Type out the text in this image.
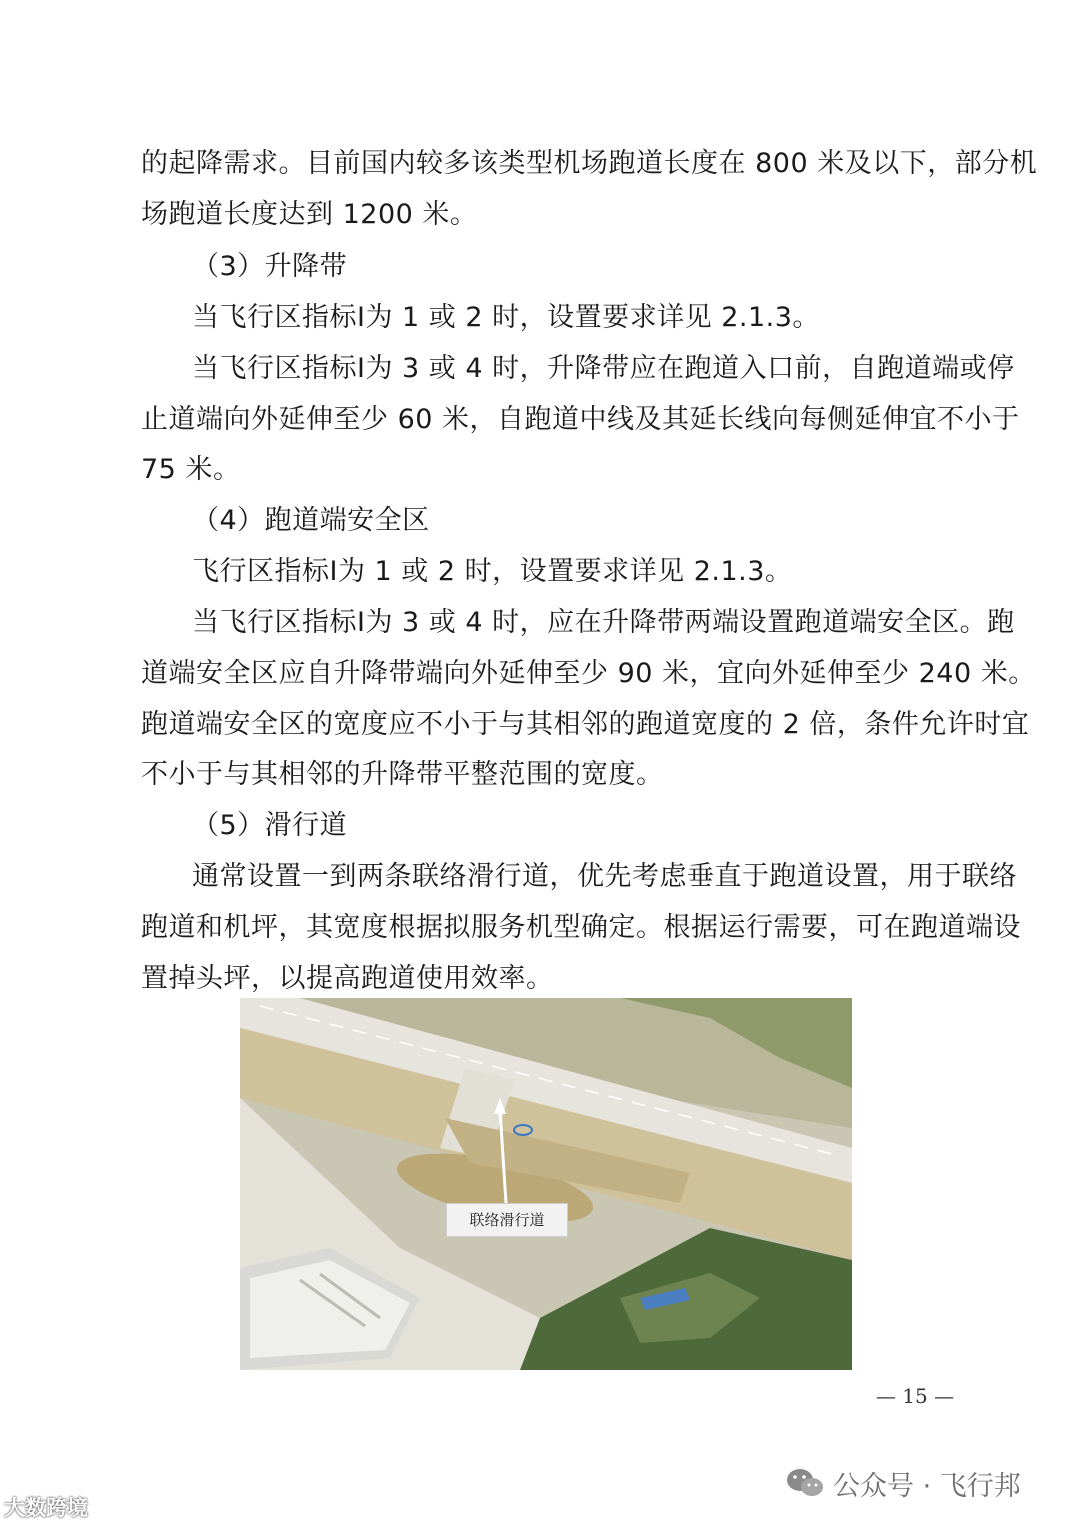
的起降需求。目前国内较多该类型机场跑道长度在 800 米及以下，部分机
场跑道长度达到 1200 米。
（3）升降带
当飞行区指标Ⅰ为 1 或 2 时，设置要求详见 2.1.3。
当飞行区指标Ⅰ为 3 或 4 时，升降带应在跑道入口前，自跑道端或停
止道端向外延伸至少 60 米，自跑道中线及其延长线向每侧延伸宜不小于
75 米。
（4）跑道端安全区
飞行区指标Ⅰ为 1 或 2 时，设置要求详见 2.1.3。
当飞行区指标Ⅰ为 3 或 4 时，应在升降带两端设置跑道端安全区。跑
道端安全区应自升降带端向外延伸至少 90 米，宜向外延伸至少 240 米。
跑道端安全区的宽度应不小于与其相邻的跑道宽度的 2 倍，条件允许时宜
不小于与其相邻的升降带平整范围的宽度。
（5）滑行道
通常设置一到两条联络滑行道，优先考虑垂直于跑道设置，用于联络
跑道和机坪，其宽度根据拟服务机型确定。根据运行需要，可在跑道端设
置掉头坪，以提高跑道使用效率。
联络滑行道
— 15 —
大数跨境
公众号 · 飞行邦
